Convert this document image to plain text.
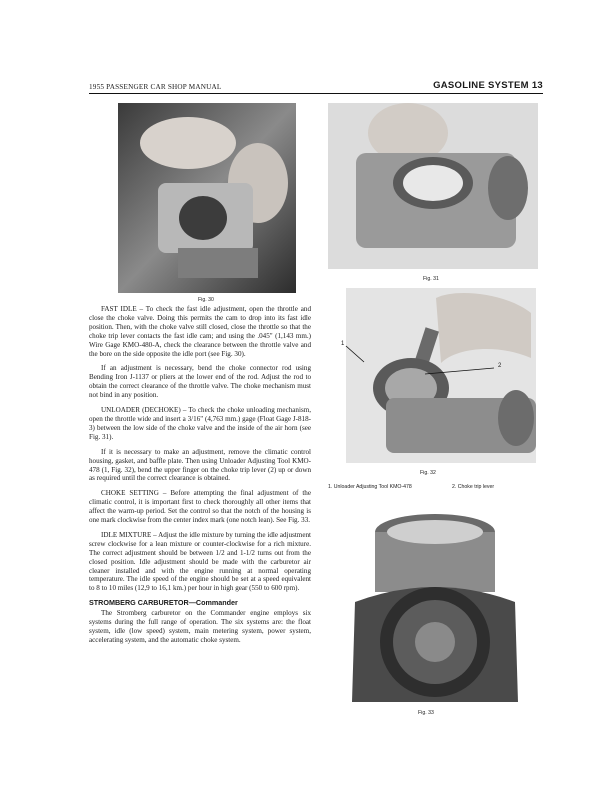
1955 PASSENGER CAR SHOP MANUAL	GASOLINE SYSTEM 13
Fig. 30
Fig. 31
1
2
Fig. 32
1. Unloader Adjusting Tool KMO-478	2. Choke trip lever
Fig. 33

FAST IDLE – To check the fast idle adjustment, open the throttle and close the choke valve. Doing this permits the cam to drop into its fast idle position. Then, with the choke valve still closed, close the throttle so that the choke trip lever contacts the fast idle cam; and using the .045" (1,143 mm.) Wire Gage KMO-480-A, check the clearance between the throttle valve and the bore on the side opposite the idle port (see Fig. 30).

If an adjustment is necessary, bend the choke connector rod using Bending Iron J-1137 or pliers at the lower end of the rod. Adjust the rod to obtain the correct clearance of the throttle valve. The choke mechanism must not bind in any position.

UNLOADER (DECHOKE) – To check the choke unloading mechanism, open the throttle wide and insert a 3/16" (4,763 mm.) gage (Float Gage J-818-3) between the low side of the choke valve and the inside of the air horn (see Fig. 31).

If it is necessary to make an adjustment, remove the climatic control housing, gasket, and baffle plate. Then using Unloader Adjusting Tool KMO-478 (1, Fig. 32), bend the upper finger on the choke trip lever (2) up or down as required until the correct clearance is obtained.

CHOKE SETTING – Before attempting the final adjustment of the climatic control, it is important first to check thoroughly all other items that affect the warm-up period. Set the control so that the notch of the housing is one mark clockwise from the center index mark (one notch lean). See Fig. 33.

IDLE MIXTURE – Adjust the idle mixture by turning the idle adjustment screw clockwise for a lean mixture or counter-clockwise for a rich mixture. The correct adjustment should be between 1/2 and 1-1/2 turns out from the closed position. Idle adjustment should be made with the carburetor air cleaner installed and with the engine running at normal operating temperature. The idle speed of the engine should be set at a speed equivalent to 8 to 10 miles (12,9 to 16,1 km.) per hour in high gear (550 to 600 rpm).

STROMBERG CARBURETOR—Commander

The Stromberg carburetor on the Commander engine employs six systems during the full range of operation. The six systems are: the float system, idle (low speed) system, main metering system, power system, accelerating system, and the automatic choke system.
